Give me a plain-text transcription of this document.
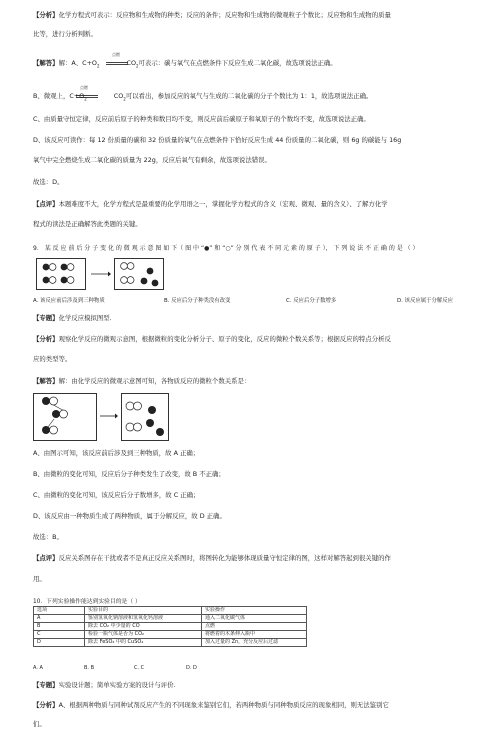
【分析】化学方程式可表示：反应物和生成物的种类；反应的条件；反应物和生成物的微观粒子个数比；反应物和生成物的质量
比等，进行分析判断。
点燃
【解答】解：A、$C+O_2$	$CO_2$可表示：碳与氧气在点燃条件下反应生成二氧化碳，故选项说法正确。
点燃
B、微观上，$C+O_2$	$CO_2$可以看出，参加反应的氧气与生成的二氧化碳的分子个数比为 1：1，故选项说法正确。
C、由质量守恒定律，反应前后原子的种类和数目均不变，则反应前后碳原子和氧原子的个数均不变，故选项说法正确。
D、该反应可读作：每 12 份质量的碳和 32 份质量的氧气在点燃条件下恰好反应生成 44 份质量的二氧化碳，则 6g 的碳能与 16g
氧气中完全燃烧生成二氧化碳的质量为 22g，反应后氧气有剩余，故选项说法错误。
故选：D。
【点评】本题难度不大，化学方程式是最重要的化学用语之一，掌握化学方程式的含义（宏观、微观、量的含义）、了解方化学
程式的读法是正确解答此类题的关键。
9． 某 反 应 前 后 分 子 变 化 的 微 观 示 意 图 如 下（ 图 中 “●” 和 “○” 分 别 代 表 不 同 元 素 的 原 子 ）， 下 列 说 法 不 正 确 的 是 （ ）
A. 该反应前后涉及到三种物质	B. 反应后分子种类没有改变	C. 反应后分子数增多	D. 该反应属于分解反应
【专题】化学反应模拟图型.
【分析】观察化学反应的微观示意图，根据微粒的变化分析分子、原子的变化，反应的微粒个数关系等；根据反应的特点分析反
应的类型等。
【解答】解：由化学反应的微观示意图可知，各物质反应的微粒个数关系是：
A、由图示可知，该反应前后涉及到三种物质，故 A 正确；
B、由微粒的变化可知，反应后分子种类发生了改变，故 B 不正确；
C、由微粒的变化可知，该反应后分子数增多，故 C 正确；
D、该反应由一种物质生成了两种物质，属于分解反应，故 D 正确。
故选：B。
【点评】反应关系图存在干扰或者不是真正反应关系图时，将图转化为能够体现质量守恒定律的图，这样对解答起到很关键的作
用。
10．下列实验操作能达到实验目的是（ ）
选项	实验目的	实验操作
A	鉴别氢氧化钠溶液和氢氧化钙溶液	通入二氧化碳气体
B	除去 CO₂ 中少量的 CO	点燃
C	检验一瓶气体是否为 CO₂	将燃着的木条伸入瓶中
D	除去 FeSO₄ 中的 CuSO₄	加入过量的 Zn，充分反应后过滤
A. A	B. B	C. C	D. D
【专题】实验设计题；简单实验方案的设计与评价.
【分析】A、根据两种物质与同种试剂反应产生的不同现象来鉴别它们，若两种物质与同种物质反应的现象相同，则无法鉴别它
们。
